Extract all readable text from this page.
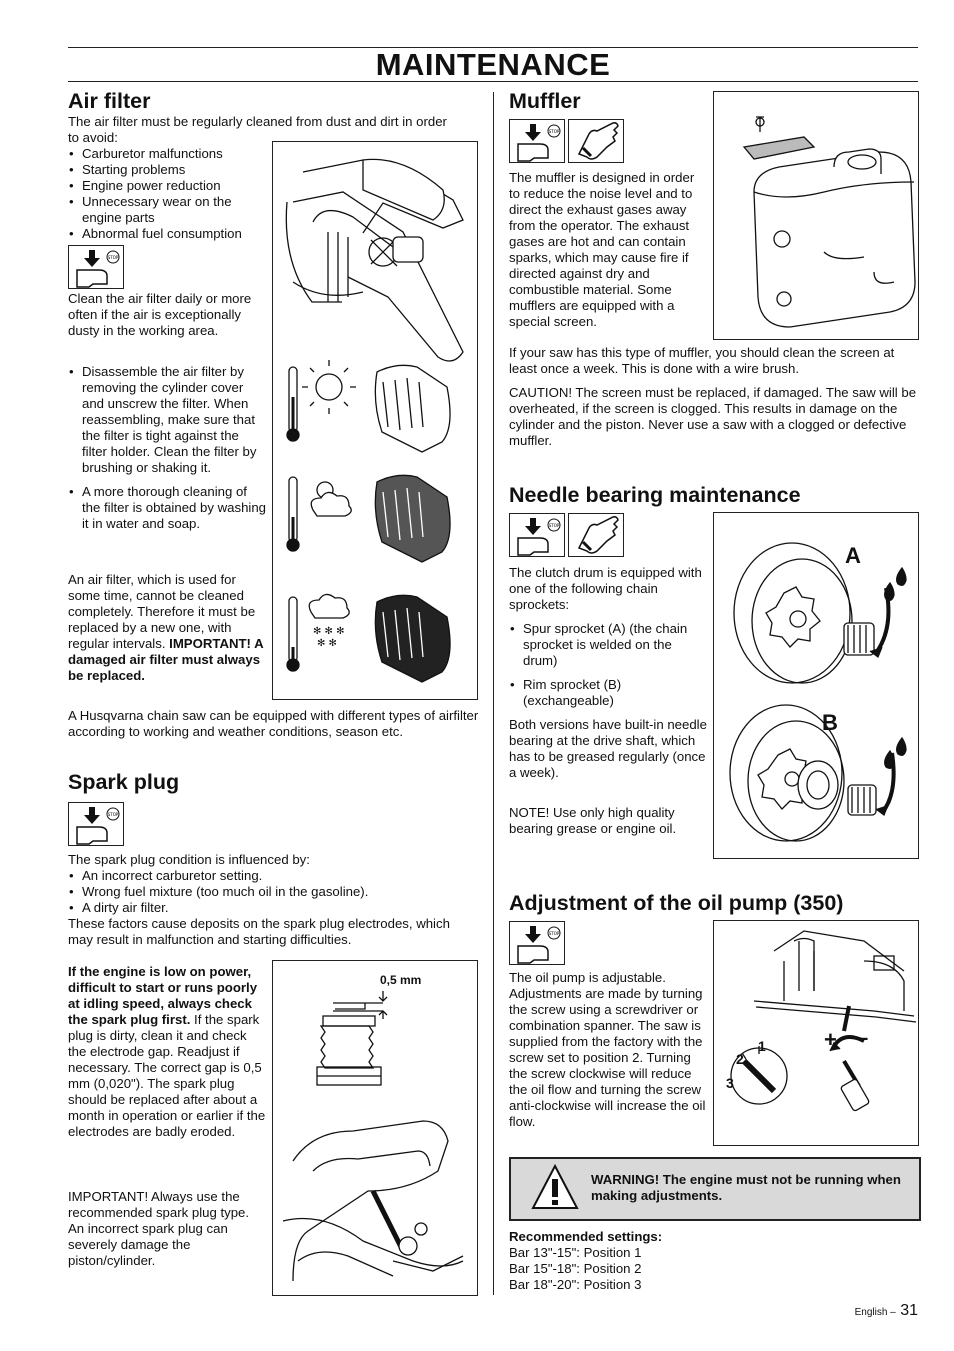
MAINTENANCE
Air filter

The air filter must be regularly cleaned from dust and dirt in order to avoid:

• Carburetor malfunctions
• Starting problems
• Engine power reduction
• Unnecessary wear on the engine parts
• Abnormal fuel consumption
STOP

Clean the air filter daily or more often if the air is exceptionally dusty in the working area.

• Disassemble the air filter by removing the cylinder cover and unscrew the filter. When reassembling, make sure that the filter is tight against the filter holder. Clean the filter by brushing or shaking it.
• A more thorough cleaning of the filter is obtained by washing it in water and soap.

An air filter, which is used for some time, cannot be cleaned completely. Therefore it must be replaced by a new one, with regular intervals. IMPORTANT! A damaged air filter must always be replaced.

✻ ✻ ✻
✻ ✻

A Husqvarna chain saw can be equipped with different types of airfilter according to working and weather conditions, season etc.

Spark plug
STOP

The spark plug condition is influenced by:

• An incorrect carburetor setting.
• Wrong fuel mixture (too much oil in the gasoline).
• A dirty air filter.

These factors cause deposits on the spark plug electrodes, which may result in malfunction and starting difficulties.

If the engine is low on power, difficult to start or runs poorly at idling speed, always check the spark plug first. If the spark plug is dirty, clean it and check the electrode gap. Readjust if necessary. The correct gap is 0,5 mm (0,020"). The spark plug should be replaced after about a month in operation or earlier if the electrodes are badly eroded.

IMPORTANT! Always use the recommended spark plug type. An incorrect spark plug can severely damage the piston/cylinder.

0,5 mm
Muffler
STOP

The muffler is designed in order to reduce the noise level and to direct the exhaust gases away from the operator. The exhaust gases are hot and can contain sparks, which may cause fire if directed against dry and combustible material. Some mufflers are equipped with a special screen.

If your saw has this type of muffler, you should clean the screen at least once a week. This is done with a wire brush.

CAUTION! The screen must be replaced, if damaged. The saw will be overheated, if the screen is clogged. This results in damage on the cylinder and the piston. Never use a saw with a clogged or defective muffler.

Needle bearing maintenance
STOP

The clutch drum is equipped with one of the following chain sprockets:

• Spur sprocket (A) (the chain sprocket is welded on the drum)
• Rim sprocket (B) (exchangeable)

Both versions have built-in needle bearing at the drive shaft, which has to be greased regularly (once a week).

NOTE! Use only high quality bearing grease or engine oil.

A
B
Adjustment of the oil pump (350)
STOP

The oil pump is adjustable. Adjustments are made by turning the screw using a screwdriver or combination spanner. The saw is supplied from the factory with the screw set to position 2. Turning the screw clockwise will reduce the oil flow and turning the screw anti-clockwise will increase the oil flow.

1
2
3
+ –

WARNING! The engine must not be running when making adjustments.

Recommended settings:

Bar 13"-15": Position 1
Bar 15"-18": Position 2
Bar 18"-20": Position 3
English – 31
